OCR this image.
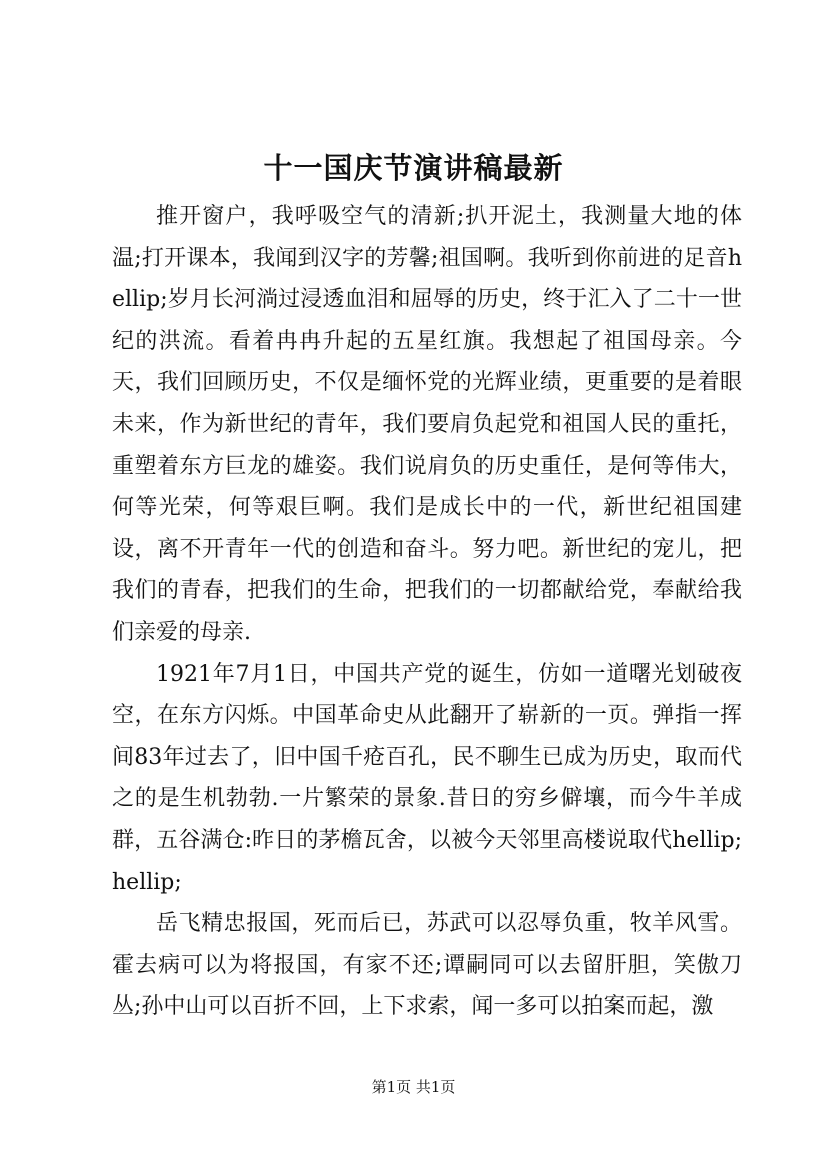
十一国庆节演讲稿最新

推开窗户，我呼吸空气的清新;扒开泥土，我测量大地的体温;打开课本，我闻到汉字的芳馨;祖国啊。我听到你前进的足音hellip;岁月长河淌过浸透血泪和屈辱的历史，终于汇入了二十一世纪的洪流。看着冉冉升起的五星红旗。我想起了祖国母亲。今天，我们回顾历史，不仅是缅怀党的光辉业绩，更重要的是着眼未来，作为新世纪的青年，我们要肩负起党和祖国人民的重托，重塑着东方巨龙的雄姿。我们说肩负的历史重任，是何等伟大，何等光荣，何等艰巨啊。我们是成长中的一代，新世纪祖国建设，离不开青年一代的创造和奋斗。努力吧。新世纪的宠儿，把我们的青春，把我们的生命，把我们的一切都献给党，奉献给我们亲爱的母亲.

1921年7月1日，中国共产党的诞生，仿如一道曙光划破夜空，在东方闪烁。中国革命史从此翻开了崭新的一页。弹指一挥间83年过去了，旧中国千疮百孔，民不聊生已成为历史，取而代之的是生机勃勃.一片繁荣的景象.昔日的穷乡僻壤，而今牛羊成群，五谷满仓:昨日的茅檐瓦舍，以被今天邻里高楼说取代hellip;hellip;

岳飞精忠报国，死而后已，苏武可以忍辱负重，牧羊风雪。霍去病可以为将报国，有家不还;谭嗣同可以去留肝胆，笑傲刀丛;孙中山可以百折不回，上下求索，闻一多可以拍案而起，激

第1页 共1页
